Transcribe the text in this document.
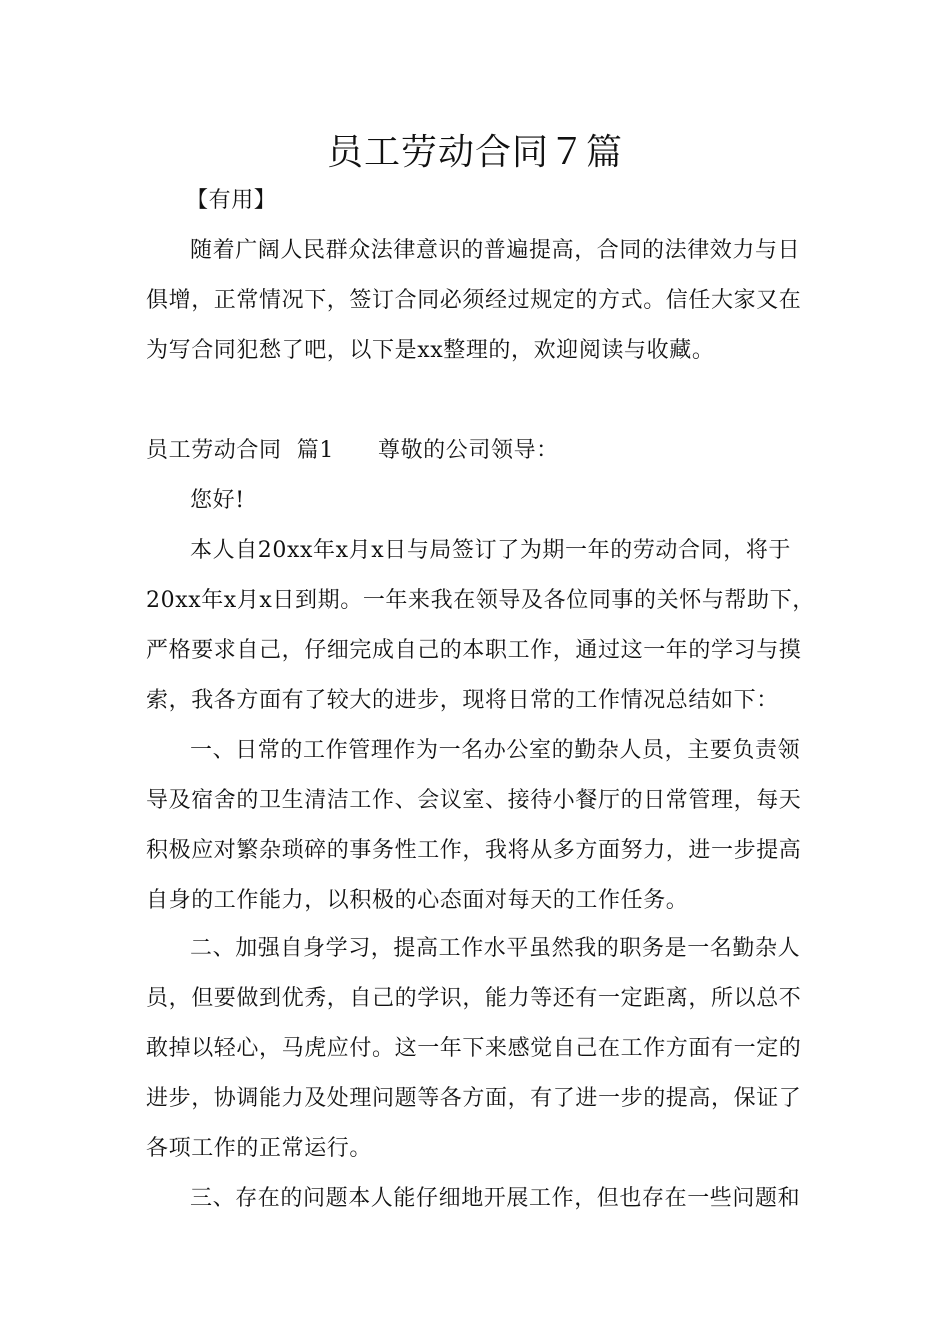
员工劳动合同７篇
【有用】

随着广阔人民群众法律意识的普遍提高，合同的法律效力与日俱增，正常情况下，签订合同必须经过规定的方式。信任大家又在为写合同犯愁了吧，以下是xx整理的，欢迎阅读与收藏。

员工劳动合同  篇1 尊敬的公司领导：
您好!

本人自20xx年x月x日与局签订了为期一年的劳动合同，将于20xx年x月x日到期。一年来我在领导及各位同事的关怀与帮助下，严格要求自己，仔细完成自己的本职工作，通过这一年的学习与摸索，我各方面有了较大的进步，现将日常的工作情况总结如下：

一、日常的工作管理作为一名办公室的勤杂人员，主要负责领导及宿舍的卫生清洁工作、会议室、接待小餐厅的日常管理，每天积极应对繁杂琐碎的事务性工作，我将从多方面努力，进一步提高自身的工作能力，以积极的心态面对每天的工作任务。

二、加强自身学习，提高工作水平虽然我的职务是一名勤杂人员，但要做到优秀，自己的学识，能力等还有一定距离，所以总不敢掉以轻心，马虎应付。这一年下来感觉自己在工作方面有一定的进步，协调能力及处理问题等各方面，有了进一步的提高，保证了各项工作的正常运行。

三、存在的问题本人能仔细地开展工作，但也存在一些问题和
